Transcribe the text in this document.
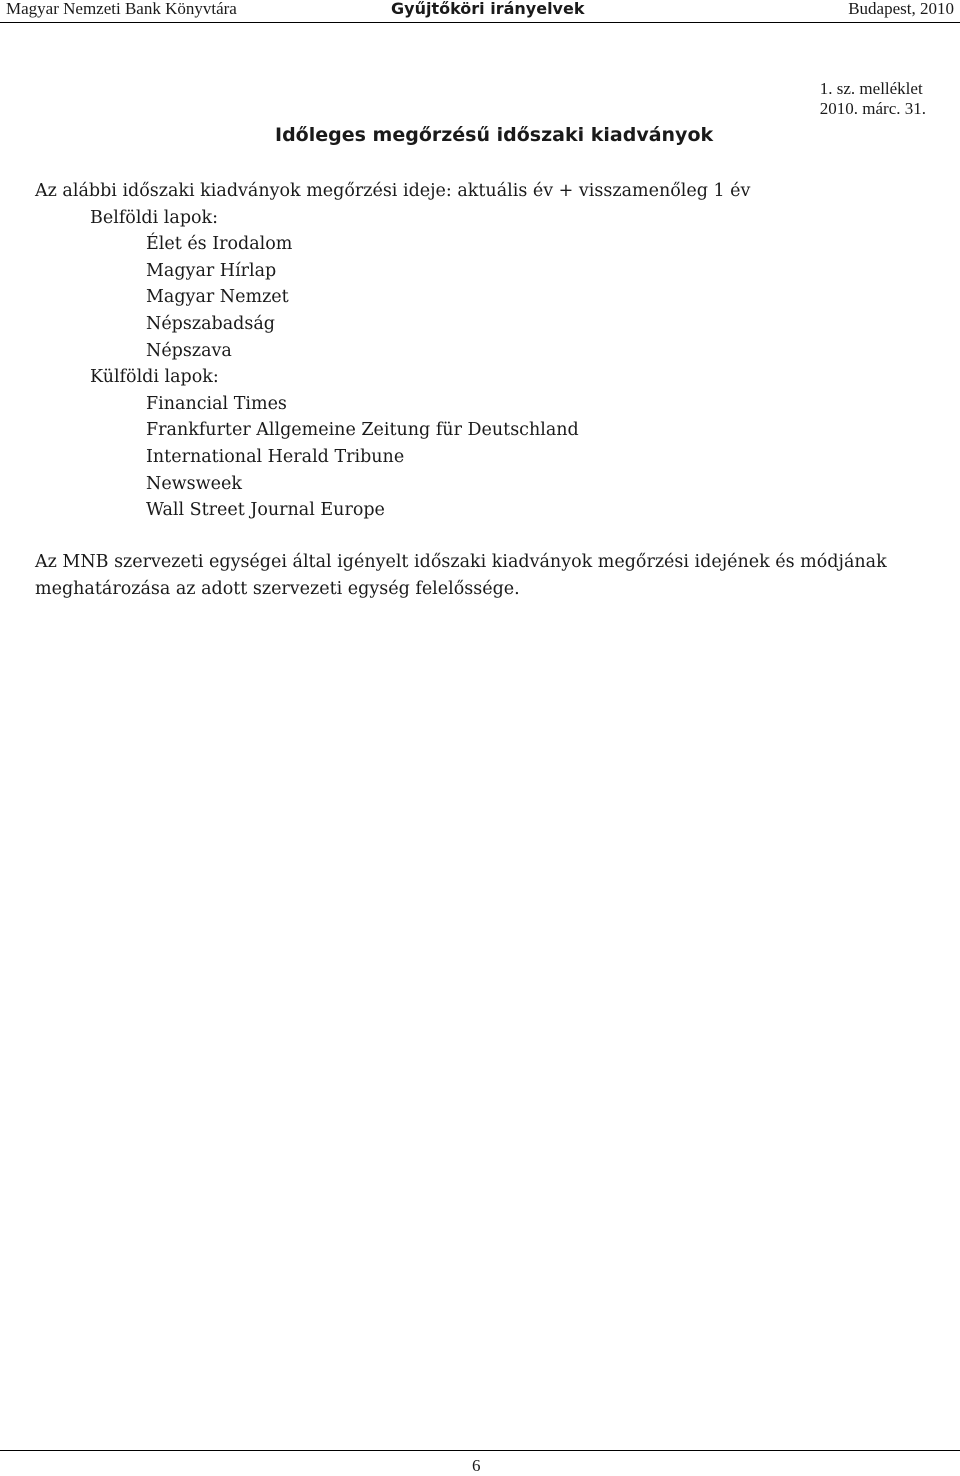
Magyar Nemzeti Bank Könyvtára	Gyűjtőköri irányelvek	Budapest, 2010
1. sz. melléklet
2010. márc. 31.
Időleges megőrzésű időszaki kiadványok
Az alábbi időszaki kiadványok megőrzési ideje: aktuális év + visszamenőleg 1 év
Belföldi lapok:
Élet és Irodalom
Magyar Hírlap
Magyar Nemzet
Népszabadság
Népszava
Külföldi lapok:
Financial Times
Frankfurter Allgemeine Zeitung für Deutschland
International Herald Tribune
Newsweek
Wall Street Journal Europe
Az MNB szervezeti egységei által igényelt időszaki kiadványok megőrzési idejének és módjának
meghatározása az adott szervezeti egység felelőssége.
6
